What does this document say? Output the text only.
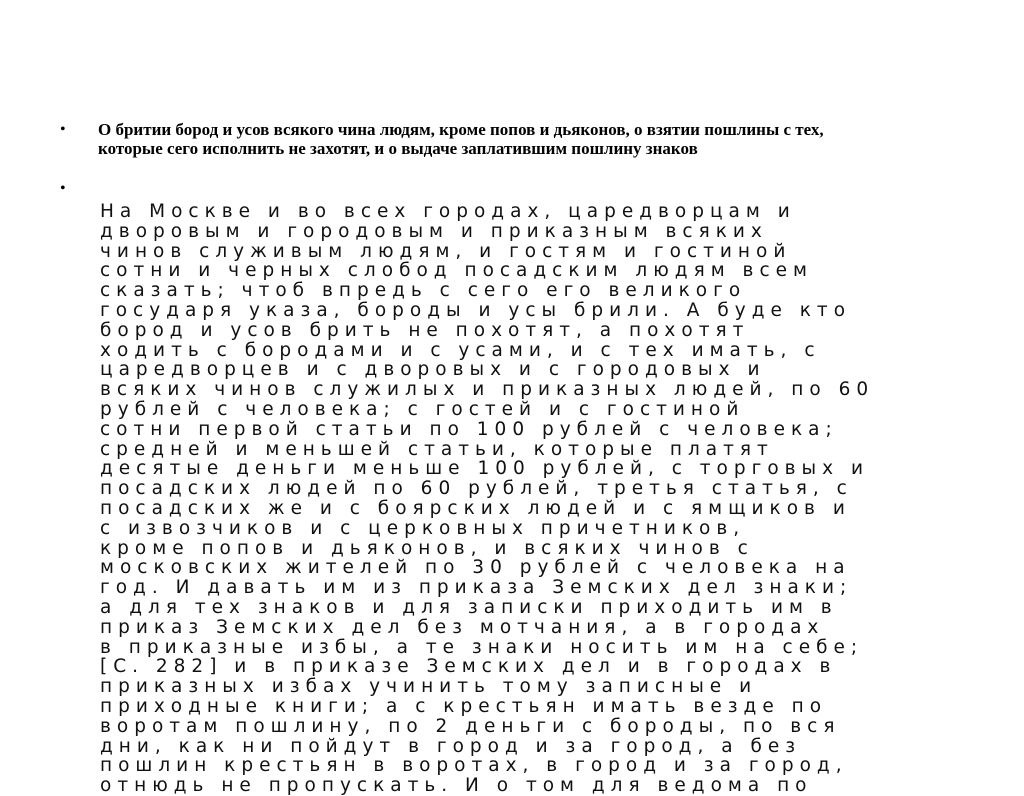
• О бритии бород и усов всякого чина людям, кроме попов и дьяконов, о взятии пошлины с тех, которые сего исполнить не захотят, и о выдаче заплатившим пошлину знаков
•
На Москве и во всех городах, царедворцам и
дворовым и городовым и приказным всяких
чинов служивым людям, и гостям и гостиной
сотни и черных слобод посадским людям всем
сказать; чтоб впредь с сего его великого
государя указа, бороды и усы брили. А буде кто
бород и усов брить не похотят, а похотят
ходить с бородами и с усами, и с тех имать, с
царедворцев и с дворовых и с городовых и
всяких чинов служилых и приказных людей, по 60
рублей с человека; с гостей и с гостиной
сотни первой статьи по 100 рублей с человека;
средней и меньшей статьи, которые платят
десятые деньги меньше 100 рублей, с торговых и
посадских людей по 60 рублей, третья статья, с
посадских же и с боярских людей и с ямщиков и
с извозчиков и с церковных причетников,
кроме попов и дьяконов, и всяких чинов с
московских жителей по 30 рублей с человека на
год. И давать им из приказа Земских дел знаки;
а для тех знаков и для записки приходить им в
приказ Земских дел без мотчания, а в городах
в приказные избы, а те знаки носить им на себе;
[С. 282] и в приказе Земских дел и в городах в
приказных избах учинить тому записные и
приходные книги; а с крестьян имать везде по
воротам пошлину, по 2 деньги с бороды, по вся
дни, как ни пойдут в город и за город, а без
пошлин крестьян в воротах, в город и за город,
отнюдь не пропускать. И о том для ведома по
